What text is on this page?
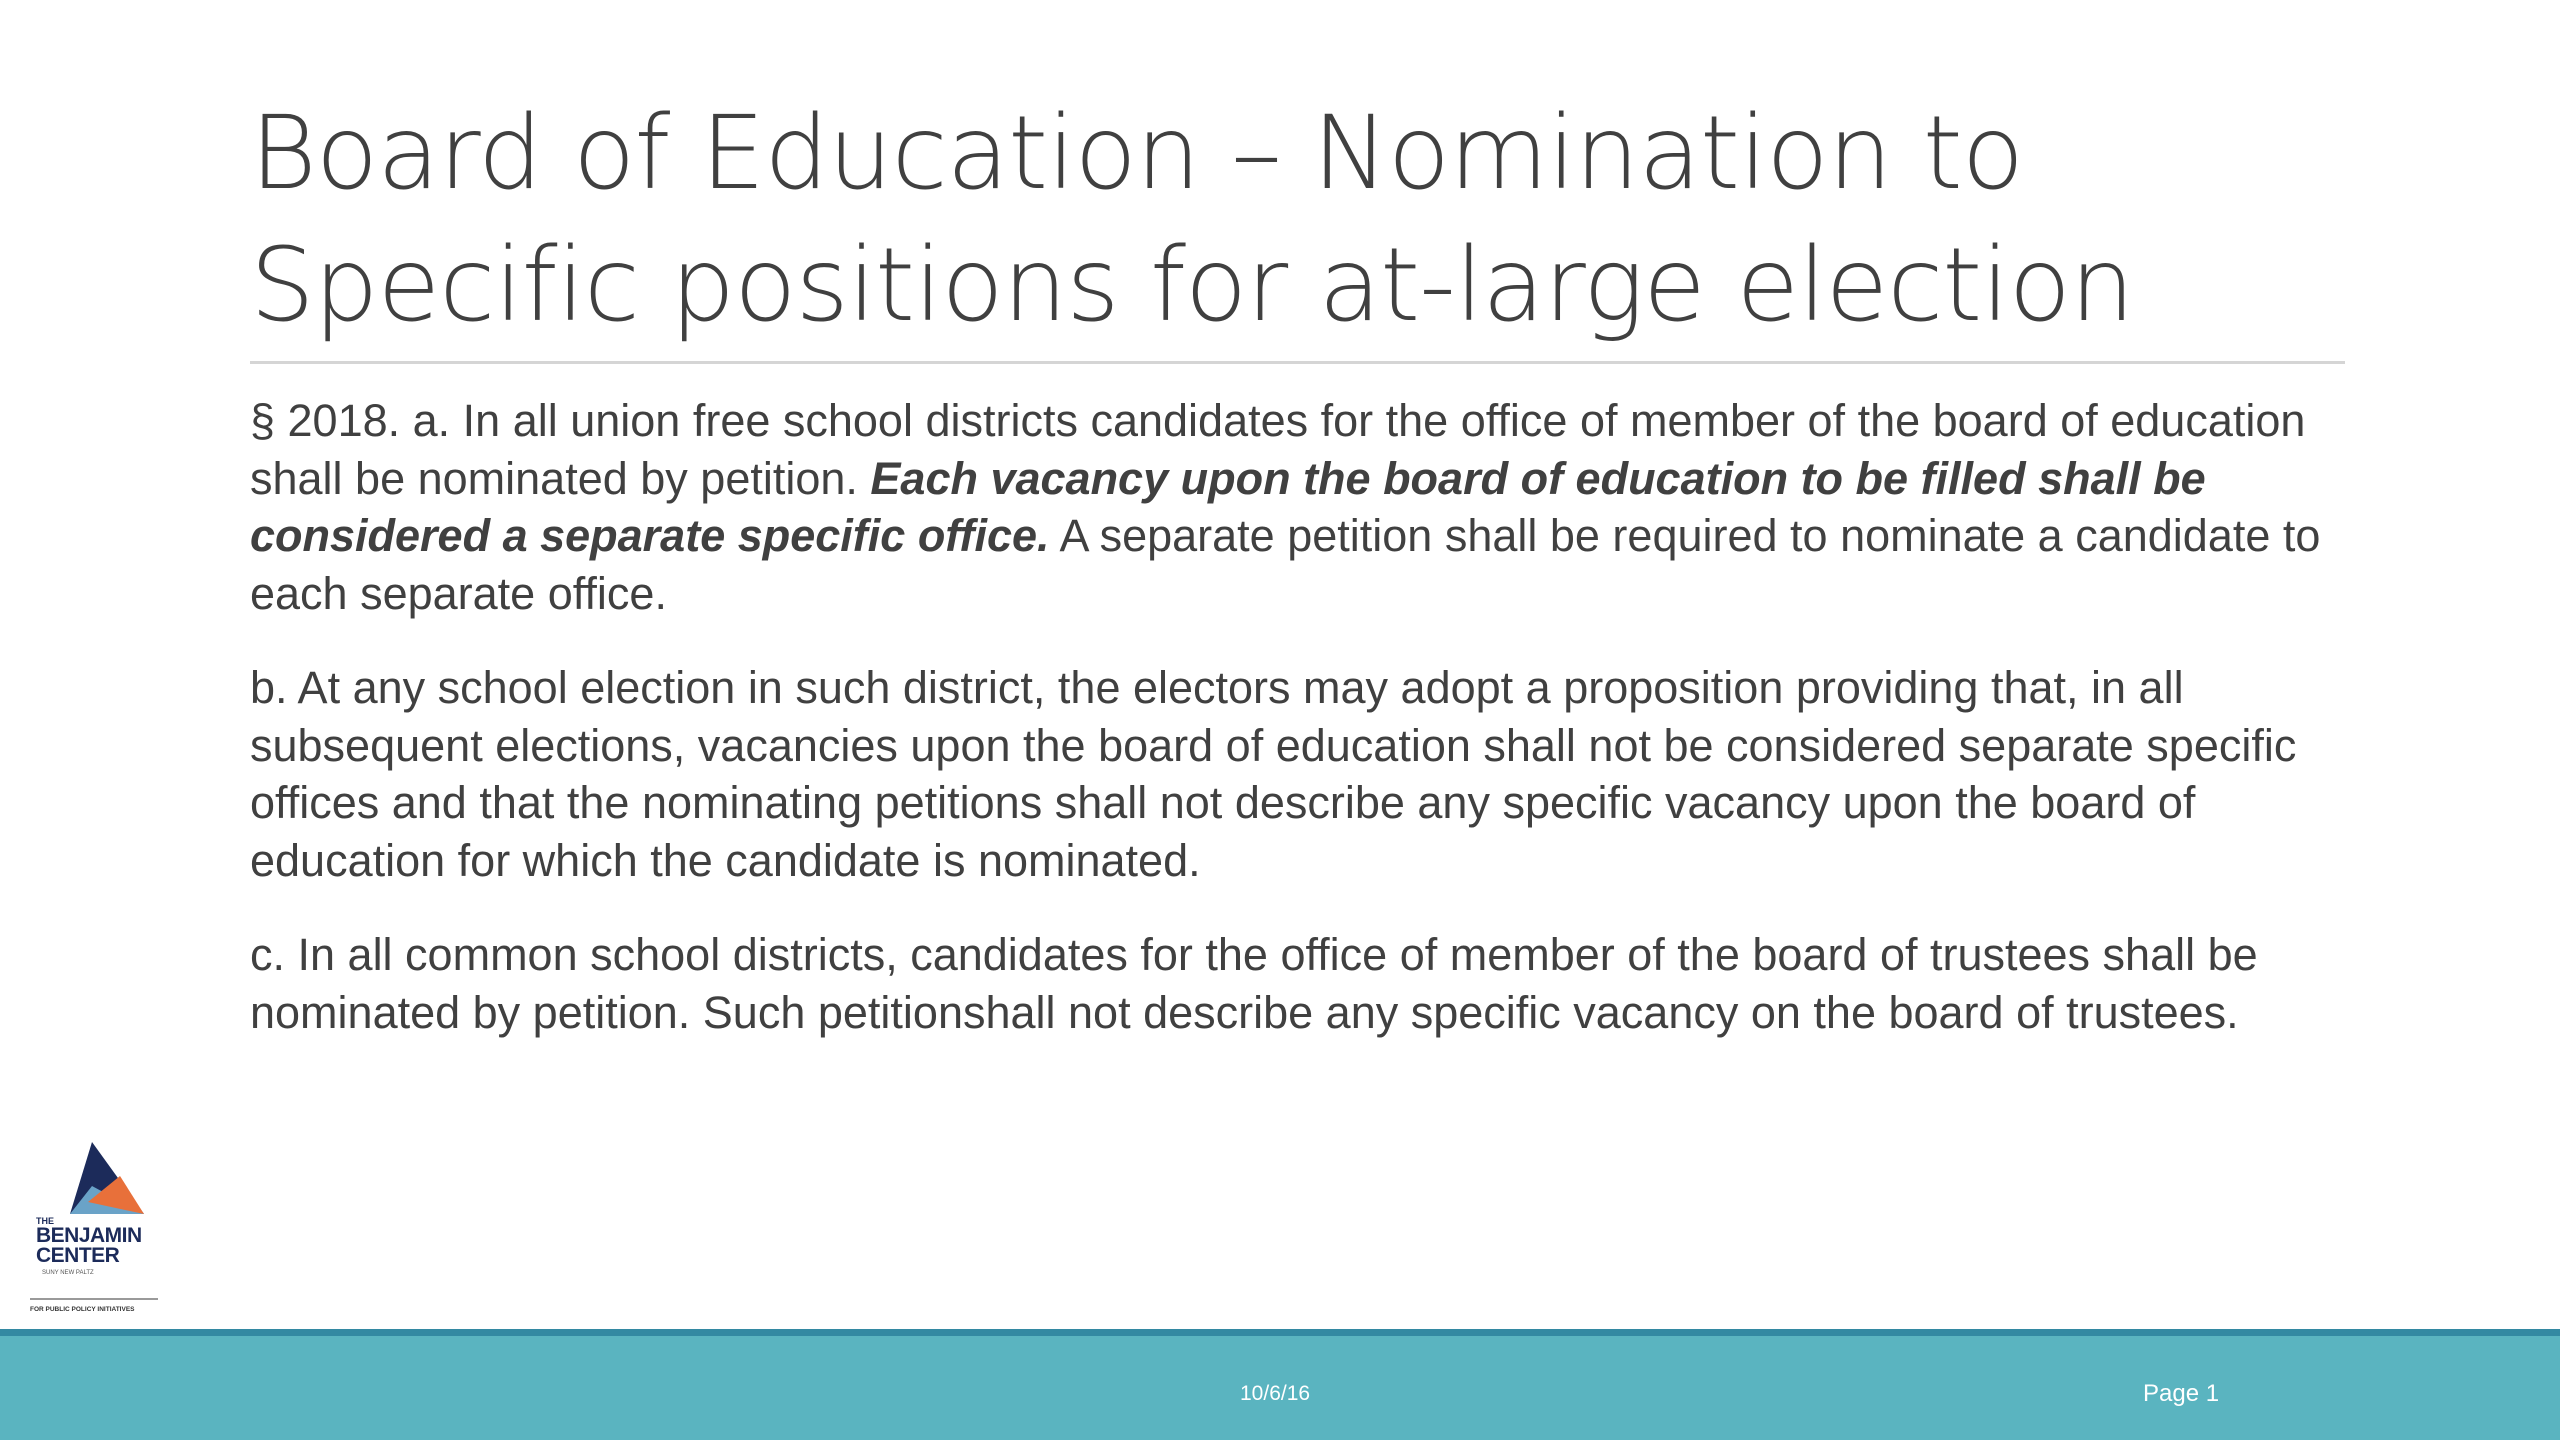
Board of Education – Nomination to
Specific positions for at-large election

§ 2018. a. In all union free school districts candidates for the office of member of the board of education shall be nominated by petition. Each vacancy upon the board of education to be filled shall be considered a separate specific office. A separate petition shall be required to nominate a candidate to each separate office.

b. At any school election in such district, the electors may adopt a proposition providing that, in all subsequent elections, vacancies upon the board of education shall not be considered separate specific offices and that the nominating petitions shall not describe any specific vacancy upon the board of education for which the candidate is nominated.

c. In all common school districts, candidates for the office of member of the board of trustees shall be nominated by petition. Such petitionshall not describe any specific vacancy on the board of trustees.

THE
BENJAMIN
CENTER
SUNY NEW PALTZ
FOR PUBLIC POLICY INITIATIVES
10/6/16	Page 1
